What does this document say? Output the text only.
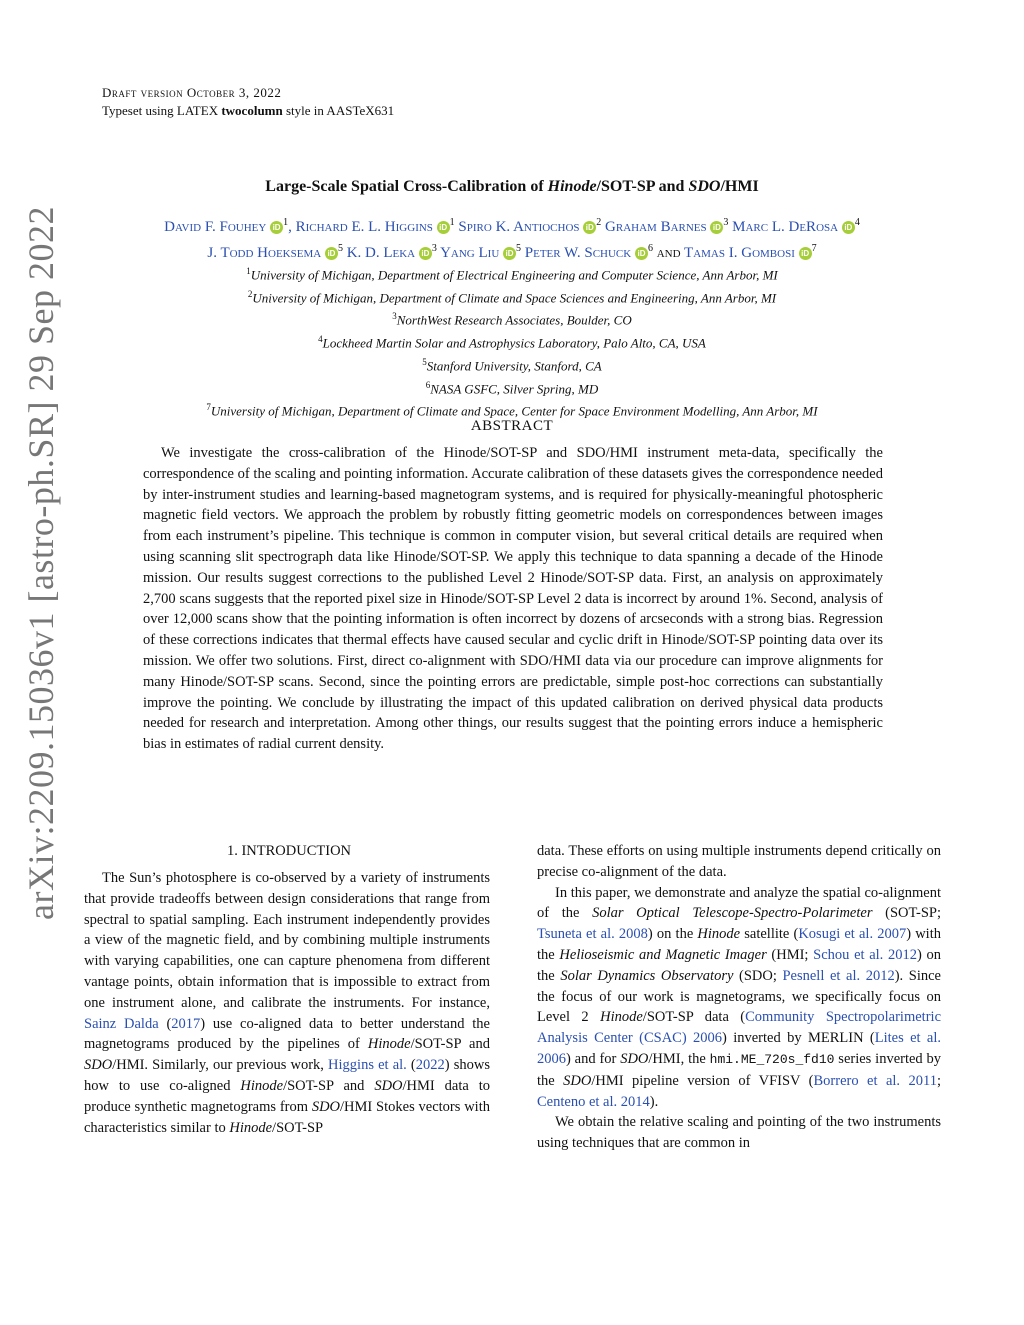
arXiv:2209.15036v1 [astro-ph.SR] 29 Sep 2022
Draft version October 3, 2022
Typeset using LATEX twocolumn style in AASTeX631
Large-Scale Spatial Cross-Calibration of Hinode/SOT-SP and SDO/HMI
David F. Fouhey iD $^1$, Richard E. L. Higgins iD $^1$ Spiro K. Antiochos iD $^2$ Graham Barnes iD $^3$ Marc L. DeRosa iD $^4$
J. Todd Hoeksema iD $^5$ K. D. Leka iD $^3$ Yang Liu iD $^5$ Peter W. Schuck iD $^6$ and Tamas I. Gombosi iD $^7$
$^1$University of Michigan, Department of Electrical Engineering and Computer Science, Ann Arbor, MI
$^2$University of Michigan, Department of Climate and Space Sciences and Engineering, Ann Arbor, MI
$^3$NorthWest Research Associates, Boulder, CO
$^4$Lockheed Martin Solar and Astrophysics Laboratory, Palo Alto, CA, USA
$^5$Stanford University, Stanford, CA
$^6$NASA GSFC, Silver Spring, MD
$^7$University of Michigan, Department of Climate and Space, Center for Space Environment Modelling, Ann Arbor, MI
ABSTRACT

We investigate the cross-calibration of the Hinode/SOT-SP and SDO/HMI instrument meta-data, specifically the correspondence of the scaling and pointing information. Accurate calibration of these datasets gives the correspondence needed by inter-instrument studies and learning-based magnetogram systems, and is required for physically-meaningful photospheric magnetic field vectors. We approach the problem by robustly fitting geometric models on correspondences between images from each instrument’s pipeline. This technique is common in computer vision, but several critical details are required when using scanning slit spectrograph data like Hinode/SOT-SP. We apply this technique to data spanning a decade of the Hinode mission. Our results suggest corrections to the published Level 2 Hinode/SOT-SP data. First, an analysis on approximately 2,700 scans suggests that the reported pixel size in Hinode/SOT-SP Level 2 data is incorrect by around 1%. Second, analysis of over 12,000 scans show that the pointing information is often incorrect by dozens of arcseconds with a strong bias. Regression of these corrections indicates that thermal effects have caused secular and cyclic drift in Hinode/SOT-SP pointing data over its mission. We offer two solutions. First, direct co-alignment with SDO/HMI data via our procedure can improve alignments for many Hinode/SOT-SP scans. Second, since the pointing errors are predictable, simple post-hoc corrections can substantially improve the pointing. We conclude by illustrating the impact of this updated calibration on derived physical data products needed for research and interpretation. Among other things, our results suggest that the pointing errors induce a hemispheric bias in estimates of radial current density.

1. INTRODUCTION

The Sun’s photosphere is co-observed by a variety of instruments that provide tradeoffs between design considerations that range from spectral to spatial sampling. Each instrument independently provides a view of the magnetic field, and by combining multiple instruments with varying capabilities, one can capture phenomena from different vantage points, obtain information that is impossible to extract from one instrument alone, and calibrate the instruments. For instance, Sainz Dalda (2017) use co-aligned data to better understand the magnetograms produced by the pipelines of Hinode/SOT-SP and SDO/HMI. Similarly, our previous work, Higgins et al. (2022) shows how to use co-aligned Hinode/SOT-SP and SDO/HMI data to produce synthetic magnetograms from SDO/HMI Stokes vectors with characteristics similar to Hinode/SOT-SP

data. These efforts on using multiple instruments depend critically on precise co-alignment of the data.

In this paper, we demonstrate and analyze the spatial co-alignment of the Solar Optical Telescope-Spectro-Polarimeter (SOT-SP; Tsuneta et al. 2008) on the Hinode satellite (Kosugi et al. 2007) with the Helioseismic and Magnetic Imager (HMI; Schou et al. 2012) on the Solar Dynamics Observatory (SDO; Pesnell et al. 2012). Since the focus of our work is magnetograms, we specifically focus on Level 2 Hinode/SOT-SP data (Community Spectropolarimetric Analysis Center (CSAC) 2006) inverted by MERLIN (Lites et al. 2006) and for SDO/HMI, the hmi.ME_720s_fd10 series inverted by the SDO/HMI pipeline version of VFISV (Borrero et al. 2011; Centeno et al. 2014).

We obtain the relative scaling and pointing of the two instruments using techniques that are common in
